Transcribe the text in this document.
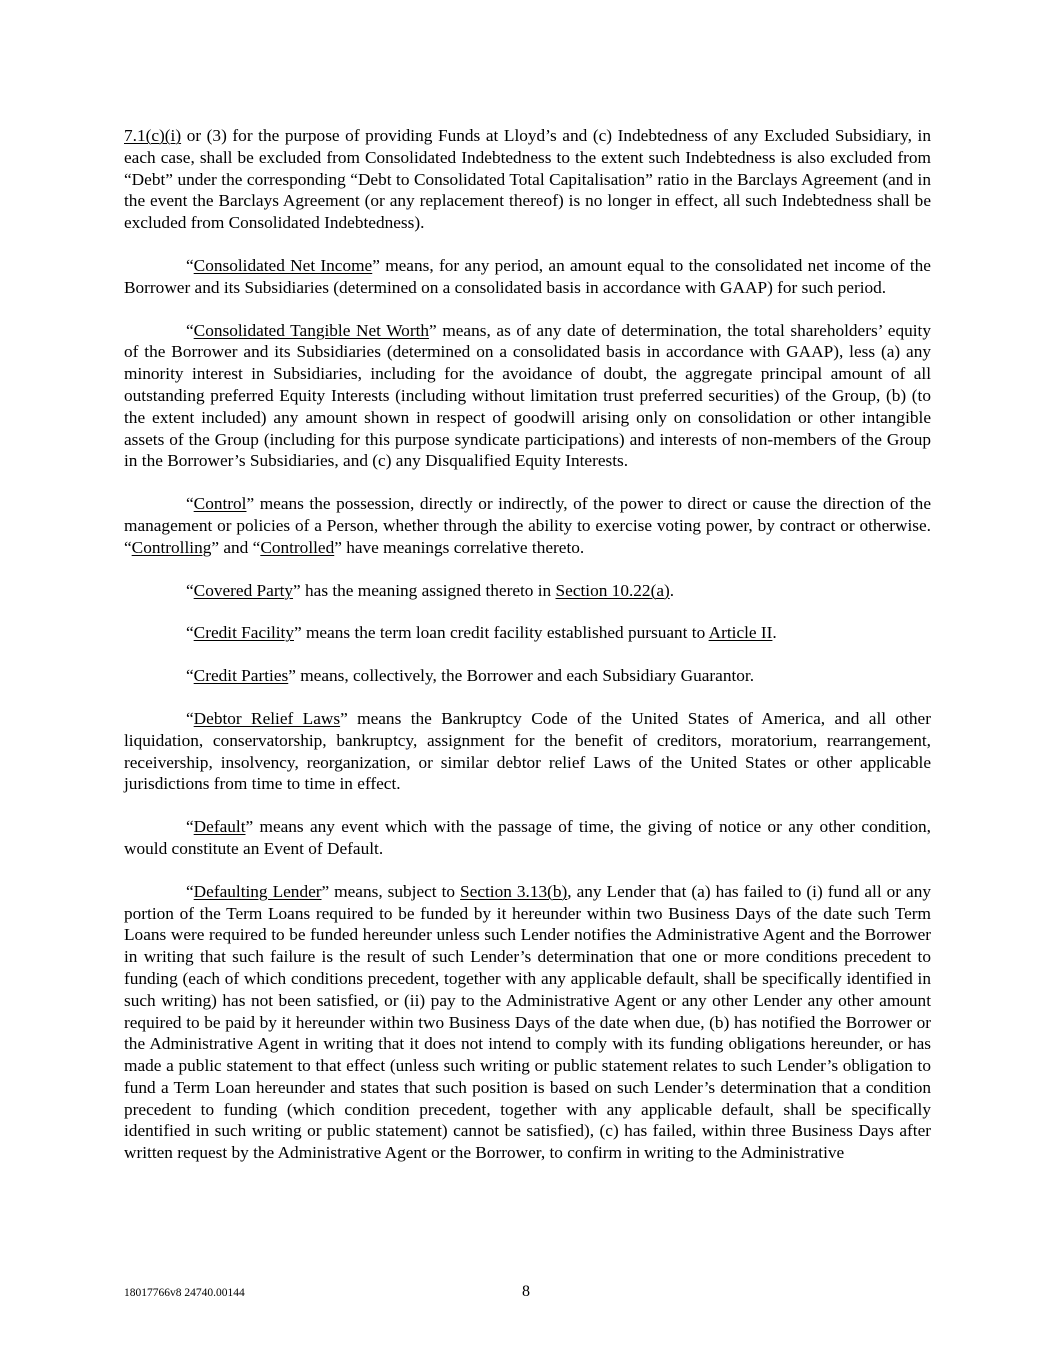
7.1(c)(i) or (3) for the purpose of providing Funds at Lloyd’s and (c) Indebtedness of any Excluded Subsidiary, in each case, shall be excluded from Consolidated Indebtedness to the extent such Indebtedness is also excluded from “Debt” under the corresponding “Debt to Consolidated Total Capitalisation” ratio in the Barclays Agreement (and in the event the Barclays Agreement (or any replacement thereof) is no longer in effect, all such Indebtedness shall be excluded from Consolidated Indebtedness).

“Consolidated Net Income” means, for any period, an amount equal to the consolidated net income of the Borrower and its Subsidiaries (determined on a consolidated basis in accordance with GAAP) for such period.

“Consolidated Tangible Net Worth” means, as of any date of determination, the total shareholders’ equity of the Borrower and its Subsidiaries (determined on a consolidated basis in accordance with GAAP), less (a) any minority interest in Subsidiaries, including for the avoidance of doubt, the aggregate principal amount of all outstanding preferred Equity Interests (including without limitation trust preferred securities) of the Group, (b) (to the extent included) any amount shown in respect of goodwill arising only on consolidation or other intangible assets of the Group (including for this purpose syndicate participations) and interests of non-members of the Group in the Borrower’s Subsidiaries, and (c) any Disqualified Equity Interests.

“Control” means the possession, directly or indirectly, of the power to direct or cause the direction of the management or policies of a Person, whether through the ability to exercise voting power, by contract or otherwise. “Controlling” and “Controlled” have meanings correlative thereto.

“Covered Party” has the meaning assigned thereto in Section 10.22(a).

“Credit Facility” means the term loan credit facility established pursuant to Article II.

“Credit Parties” means, collectively, the Borrower and each Subsidiary Guarantor.

“Debtor Relief Laws” means the Bankruptcy Code of the United States of America, and all other liquidation, conservatorship, bankruptcy, assignment for the benefit of creditors, moratorium, rearrangement, receivership, insolvency, reorganization, or similar debtor relief Laws of the United States or other applicable jurisdictions from time to time in effect.

“Default” means any event which with the passage of time, the giving of notice or any other condition, would constitute an Event of Default.

“Defaulting Lender” means, subject to Section 3.13(b), any Lender that (a) has failed to (i) fund all or any portion of the Term Loans required to be funded by it hereunder within two Business Days of the date such Term Loans were required to be funded hereunder unless such Lender notifies the Administrative Agent and the Borrower in writing that such failure is the result of such Lender’s determination that one or more conditions precedent to funding (each of which conditions precedent, together with any applicable default, shall be specifically identified in such writing) has not been satisfied, or (ii) pay to the Administrative Agent or any other Lender any other amount required to be paid by it hereunder within two Business Days of the date when due, (b) has notified the Borrower or the Administrative Agent in writing that it does not intend to comply with its funding obligations hereunder, or has made a public statement to that effect (unless such writing or public statement relates to such Lender’s obligation to fund a Term Loan hereunder and states that such position is based on such Lender’s determination that a condition precedent to funding (which condition precedent, together with any applicable default, shall be specifically identified in such writing or public statement) cannot be satisfied), (c) has failed, within three Business Days after written request by the Administrative Agent or the Borrower, to confirm in writing to the Administrative

18017766v8 24740.00144	8
